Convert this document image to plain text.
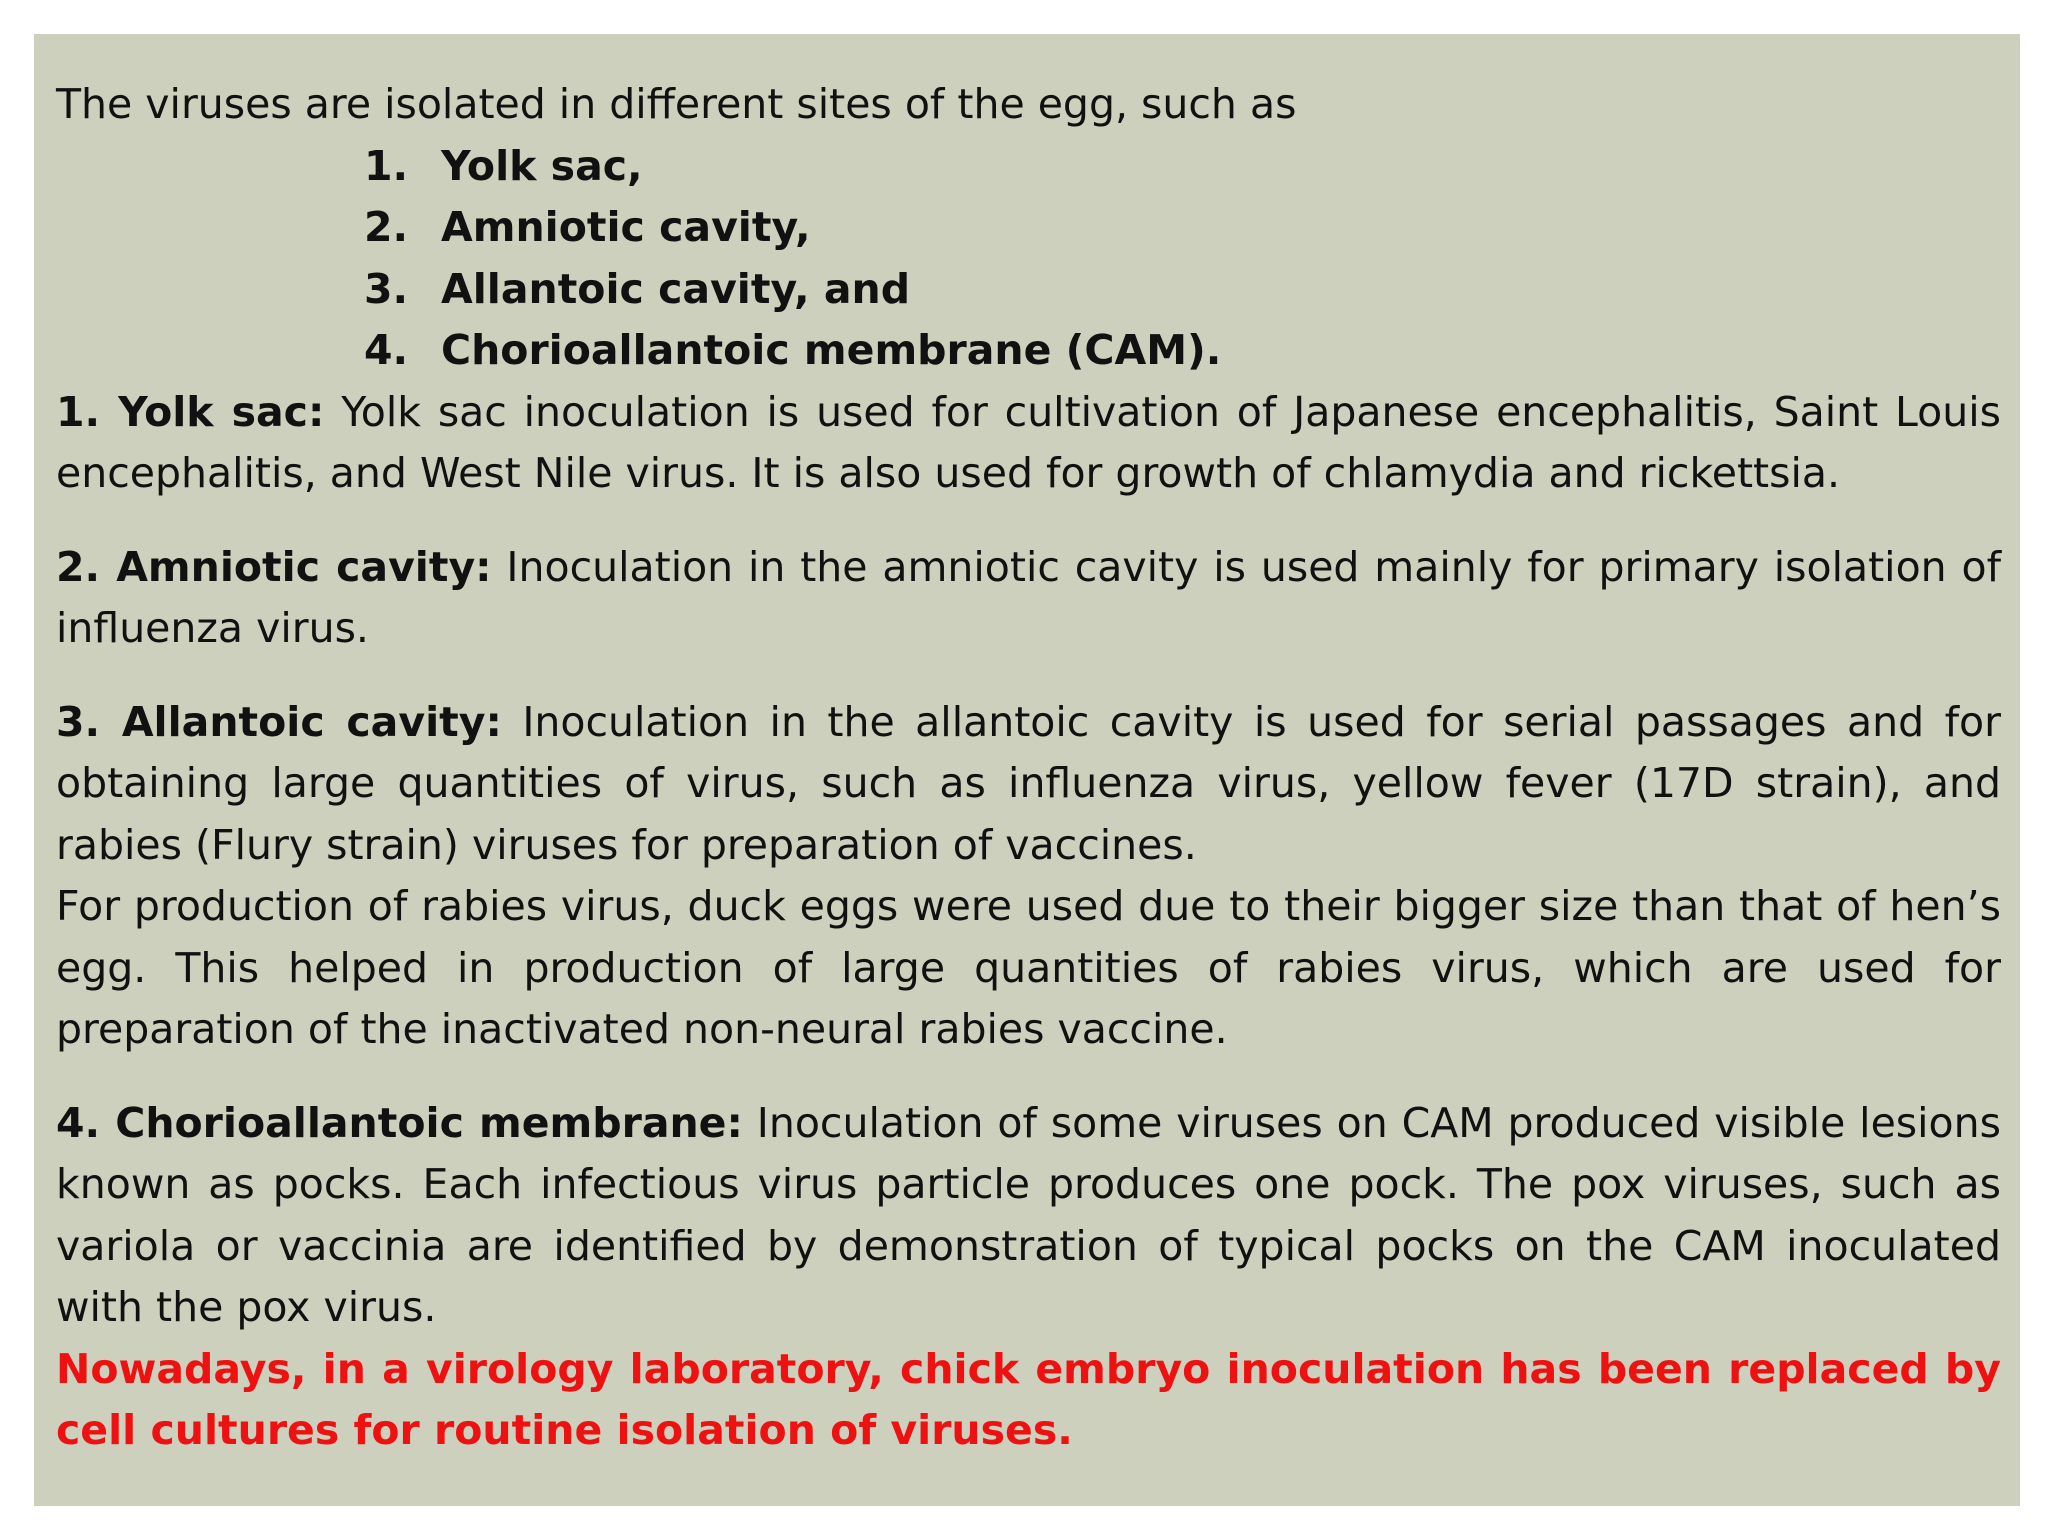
The viruses are isolated in different sites of the egg, such as

1. Yolk sac,
2. Amniotic cavity,
3. Allantoic cavity, and
4. Chorioallantoic membrane (CAM).

1. Yolk sac: Yolk sac inoculation is used for cultivation of Japanese encephalitis, Saint Louis encephalitis, and West Nile virus. It is also used for growth of chlamydia and rickettsia.

2. Amniotic cavity: Inoculation in the amniotic cavity is used mainly for primary isolation of influenza virus.

3. Allantoic cavity: Inoculation in the allantoic cavity is used for serial passages and for obtaining large quantities of virus, such as influenza virus, yellow fever (17D strain), and rabies (Flury strain) viruses for preparation of vaccines.

For production of rabies virus, duck eggs were used due to their bigger size than that of hen’s egg. This helped in production of large quantities of rabies virus, which are used for preparation of the inactivated non-neural rabies vaccine.

4. Chorioallantoic membrane: Inoculation of some viruses on CAM produced visible lesions known as pocks. Each infectious virus particle produces one pock. The pox viruses, such as variola or vaccinia are identified by demonstration of typical pocks on the CAM inoculated with the pox virus.

Nowadays, in a virology laboratory, chick embryo inoculation has been replaced by cell cultures for routine isolation of viruses.
